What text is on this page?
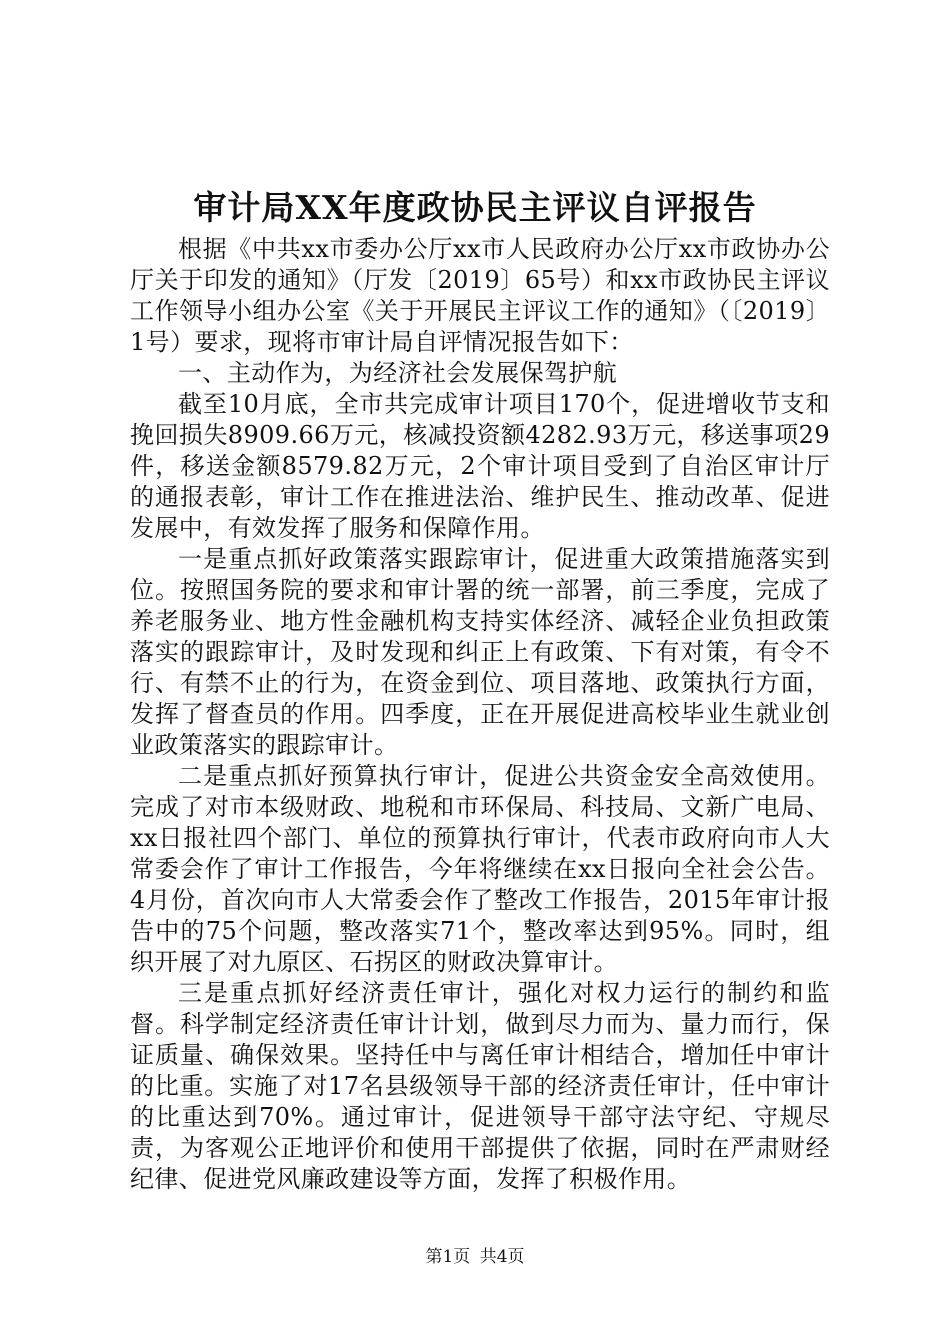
审计局XX年度政协民主评议自评报告

根据《中共xx市委办公厅xx市人民政府办公厅xx市政协办公厅关于印发的通知》（厅发〔2019〕65号）和xx市政协民主评议工作领导小组办公室《关于开展民主评议工作的通知》（〔2019〕1号）要求，现将市审计局自评情况报告如下：

一、主动作为，为经济社会发展保驾护航

截至10月底，全市共完成审计项目170个，促进增收节支和挽回损失8909.66万元，核减投资额4282.93万元，移送事项29件，移送金额8579.82万元，2个审计项目受到了自治区审计厅的通报表彰，审计工作在推进法治、维护民生、推动改革、促进发展中，有效发挥了服务和保障作用。

一是重点抓好政策落实跟踪审计，促进重大政策措施落实到位。按照国务院的要求和审计署的统一部署，前三季度，完成了养老服务业、地方性金融机构支持实体经济、减轻企业负担政策落实的跟踪审计，及时发现和纠正上有政策、下有对策，有令不行、有禁不止的行为，在资金到位、项目落地、政策执行方面，发挥了督查员的作用。四季度，正在开展促进高校毕业生就业创业政策落实的跟踪审计。

二是重点抓好预算执行审计，促进公共资金安全高效使用。完成了对市本级财政、地税和市环保局、科技局、文新广电局、xx日报社四个部门、单位的预算执行审计，代表市政府向市人大常委会作了审计工作报告，今年将继续在xx日报向全社会公告。4月份，首次向市人大常委会作了整改工作报告，2015年审计报告中的75个问题，整改落实71个，整改率达到95%。同时，组织开展了对九原区、石拐区的财政决算审计。

三是重点抓好经济责任审计，强化对权力运行的制约和监督。科学制定经济责任审计计划，做到尽力而为、量力而行，保证质量、确保效果。坚持任中与离任审计相结合，增加任中审计的比重。实施了对17名县级领导干部的经济责任审计，任中审计的比重达到70%。通过审计，促进领导干部守法守纪、守规尽责，为客观公正地评价和使用干部提供了依据，同时在严肃财经纪律、促进党风廉政建设等方面，发挥了积极作用。

第1页 共4页
